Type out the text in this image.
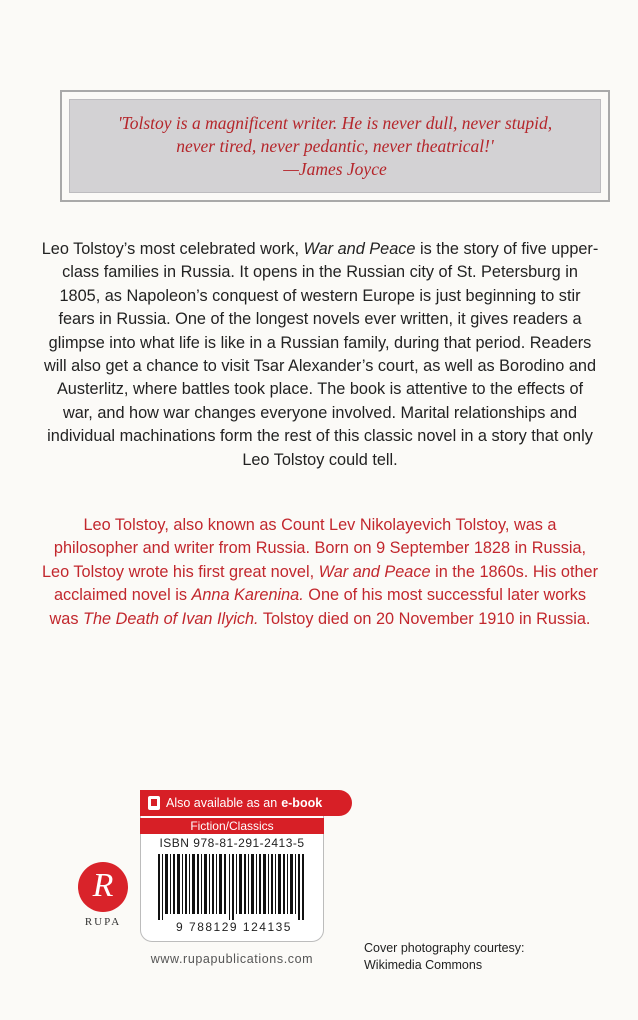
'Tolstoy is a magnificent writer. He is never dull, never stupid,
never tired, never pedantic, never theatrical!'
—James Joyce

Leo Tolstoy’s most celebrated work, War and Peace is the story of five upper-class families in Russia. It opens in the Russian city of St. Petersburg in 1805, as Napoleon’s conquest of western Europe is just beginning to stir fears in Russia. One of the longest novels ever written, it gives readers a glimpse into what life is like in a Russian family, during that period. Readers will also get a chance to visit Tsar Alexander’s court, as well as Borodino and Austerlitz, where battles took place. The book is attentive to the effects of war, and how war changes everyone involved. Marital relationships and individual machinations form the rest of this classic novel in a story that only Leo Tolstoy could tell.

Leo Tolstoy, also known as Count Lev Nikolayevich Tolstoy, was a philosopher and writer from Russia. Born on 9 September 1828 in Russia, Leo Tolstoy wrote his first great novel, War and Peace in the 1860s. His other acclaimed novel is Anna Karenina. One of his most successful later works was The Death of Ivan Ilyich. Tolstoy died on 20 November 1910 in Russia.

Also available as an e-book
Fiction/Classics
ISBN 978-81-291-2413-5
9 788129 124135
R
RUPA
www.rupapublications.com
Cover photography courtesy:
Wikimedia Commons
